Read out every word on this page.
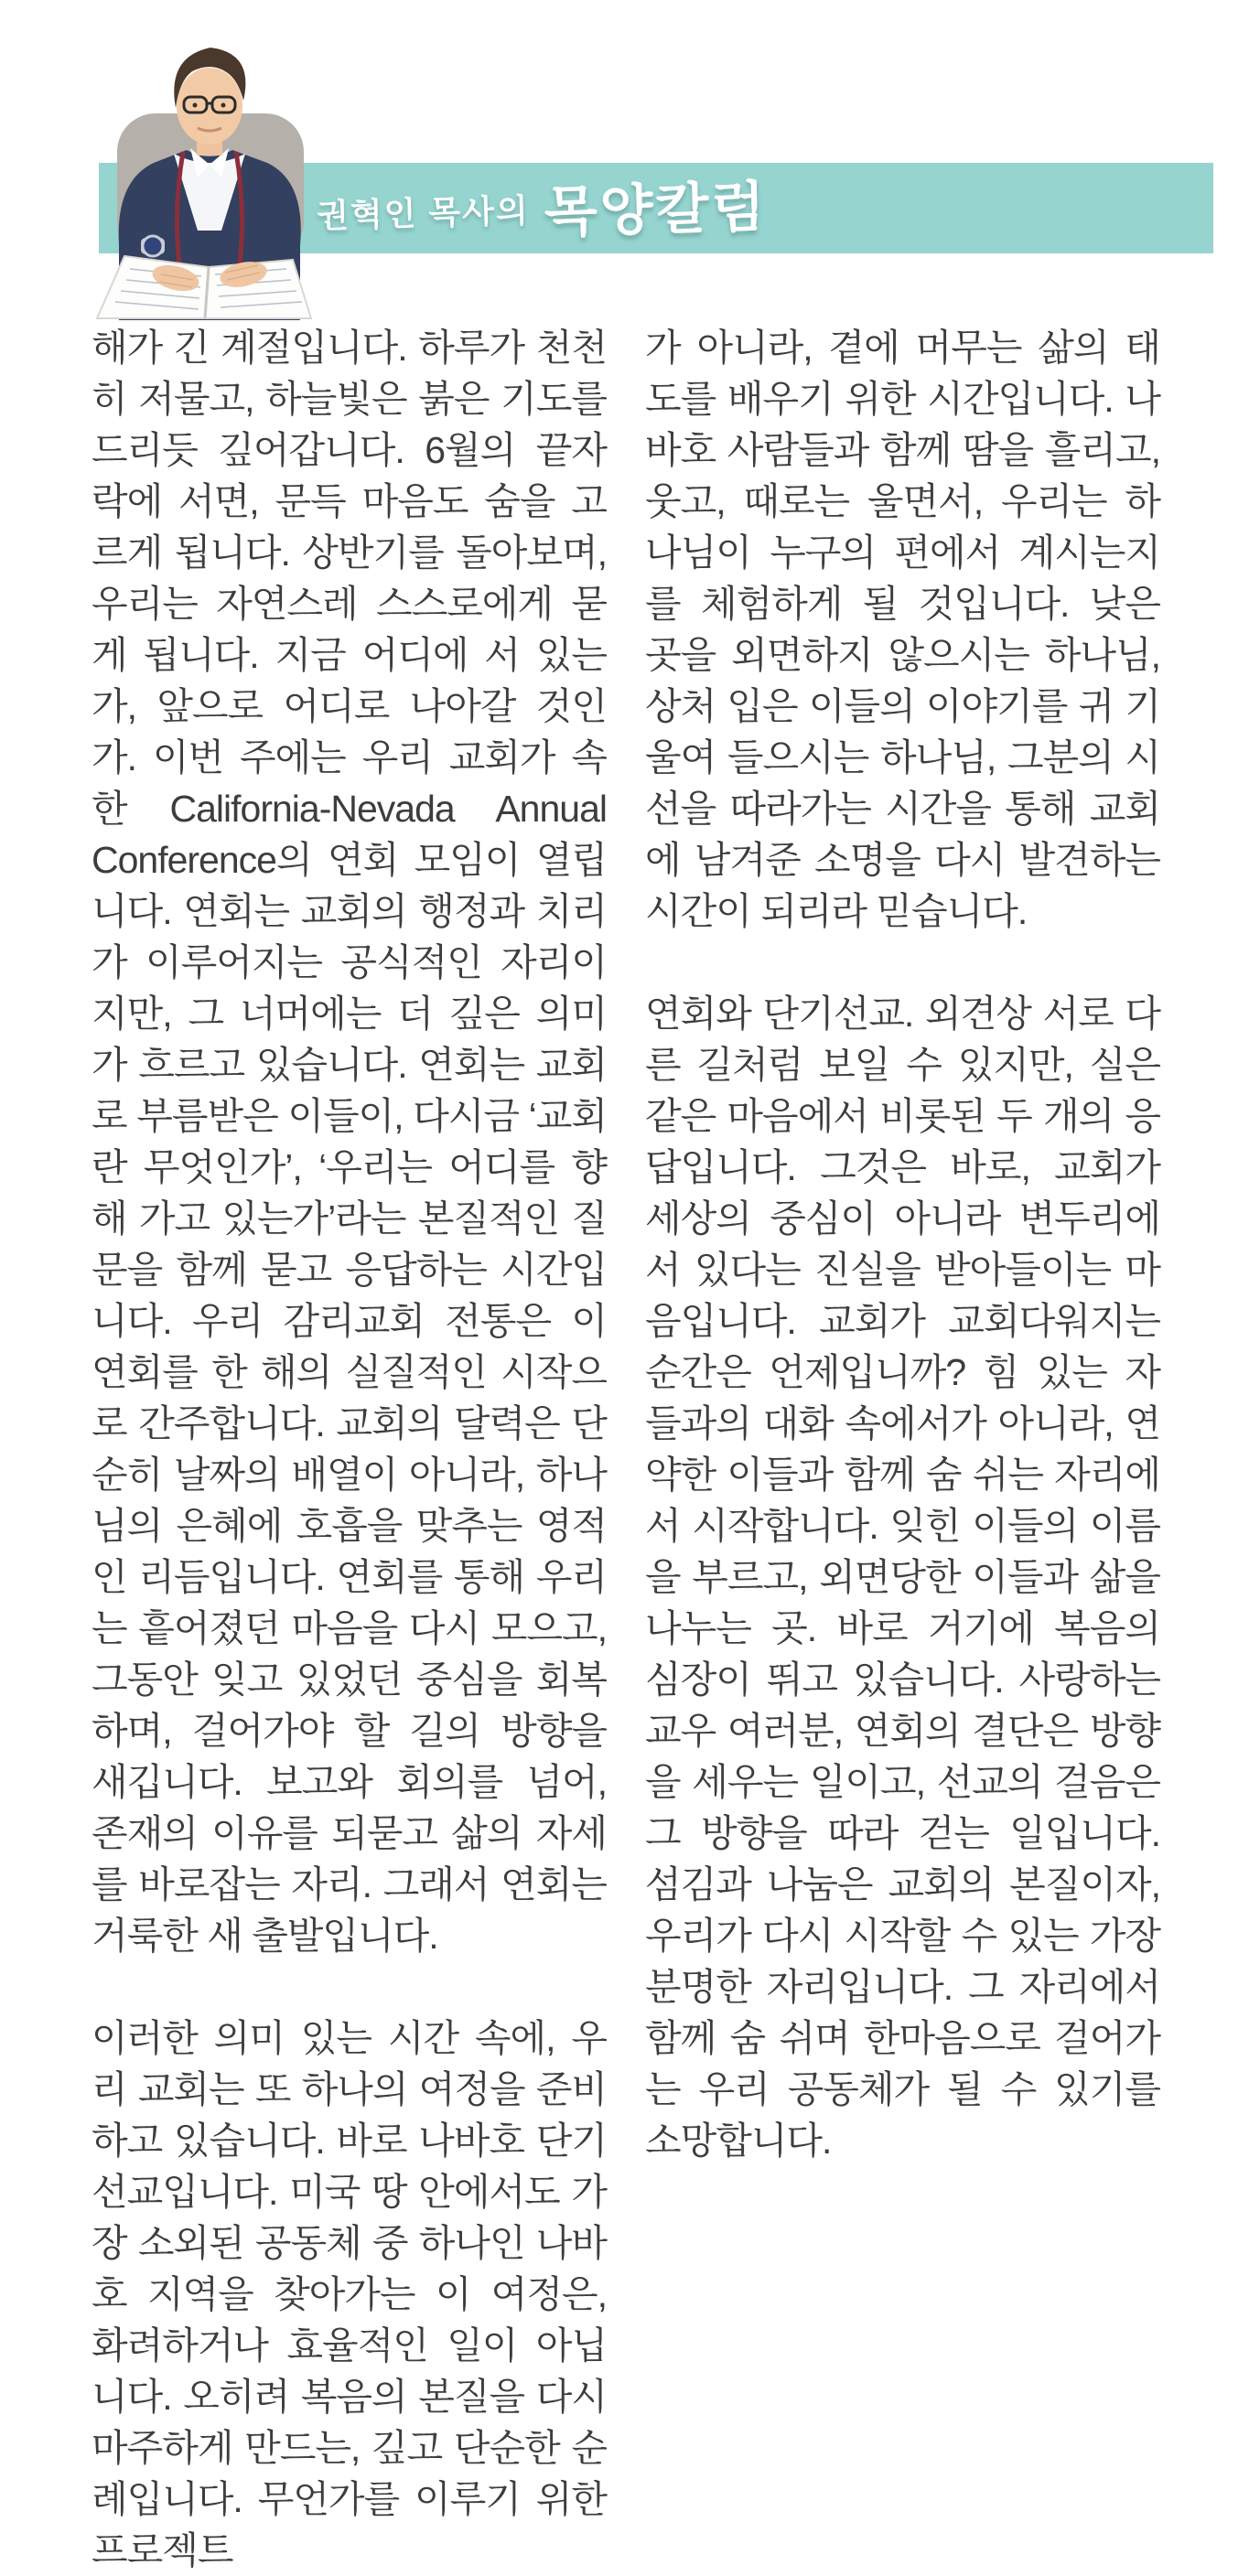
권혁인 목사의 목양칼럼

해가 긴 계절입니다. 하루가 천천히 저물고, 하늘빛은 붉은 기도를 드리듯 깊어갑니다. 6월의 끝자락에 서면, 문득 마음도 숨을 고르게 됩니다. 상반기를 돌아보며, 우리는 자연스레 스스로에게 묻게 됩니다. 지금 어디에 서 있는가, 앞으로 어디로 나아갈 것인가. 이번 주에는 우리 교회가 속한 California-Nevada Annual Conference의 연회 모임이 열립니다. 연회는 교회의 행정과 치리가 이루어지는 공식적인 자리이지만, 그 너머에는 더 깊은 의미가 흐르고 있습니다. 연회는 교회로 부름받은 이들이, 다시금 ‘교회란 무엇인가’, ‘우리는 어디를 향해 가고 있는가’라는 본질적인 질문을 함께 묻고 응답하는 시간입니다. 우리 감리교회 전통은 이 연회를 한 해의 실질적인 시작으로 간주합니다. 교회의 달력은 단순히 날짜의 배열이 아니라, 하나님의 은혜에 호흡을 맞추는 영적인 리듬입니다. 연회를 통해 우리는 흩어졌던 마음을 다시 모으고, 그동안 잊고 있었던 중심을 회복하며, 걸어가야 할 길의 방향을 새깁니다. 보고와 회의를 넘어, 존재의 이유를 되묻고 삶의 자세를 바로잡는 자리. 그래서 연회는 거룩한 새 출발입니다.

이러한 의미 있는 시간 속에, 우리 교회는 또 하나의 여정을 준비하고 있습니다. 바로 나바호 단기선교입니다. 미국 땅 안에서도 가장 소외된 공동체 중 하나인 나바호 지역을 찾아가는 이 여정은, 화려하거나 효율적인 일이 아닙니다. 오히려 복음의 본질을 다시 마주하게 만드는, 깊고 단순한 순례입니다. 무언가를 이루기 위한 프로젝트

가 아니라, 곁에 머무는 삶의 태도를 배우기 위한 시간입니다. 나바호 사람들과 함께 땀을 흘리고, 웃고, 때로는 울면서, 우리는 하나님이 누구의 편에서 계시는지를 체험하게 될 것입니다. 낮은 곳을 외면하지 않으시는 하나님, 상처 입은 이들의 이야기를 귀 기울여 들으시는 하나님, 그분의 시선을 따라가는 시간을 통해 교회에 남겨준 소명을 다시 발견하는 시간이 되리라 믿습니다.

연회와 단기선교. 외견상 서로 다른 길처럼 보일 수 있지만, 실은 같은 마음에서 비롯된 두 개의 응답입니다. 그것은 바로, 교회가 세상의 중심이 아니라 변두리에 서 있다는 진실을 받아들이는 마음입니다. 교회가 교회다워지는 순간은 언제입니까? 힘 있는 자들과의 대화 속에서가 아니라, 연약한 이들과 함께 숨 쉬는 자리에서 시작합니다. 잊힌 이들의 이름을 부르고, 외면당한 이들과 삶을 나누는 곳. 바로 거기에 복음의 심장이 뛰고 있습니다. 사랑하는 교우 여러분, 연회의 결단은 방향을 세우는 일이고, 선교의 걸음은 그 방향을 따라 걷는 일입니다. 섬김과 나눔은 교회의 본질이자, 우리가 다시 시작할 수 있는 가장 분명한 자리입니다. 그 자리에서 함께 숨 쉬며 한마음으로 걸어가는 우리 공동체가 될 수 있기를 소망합니다.
